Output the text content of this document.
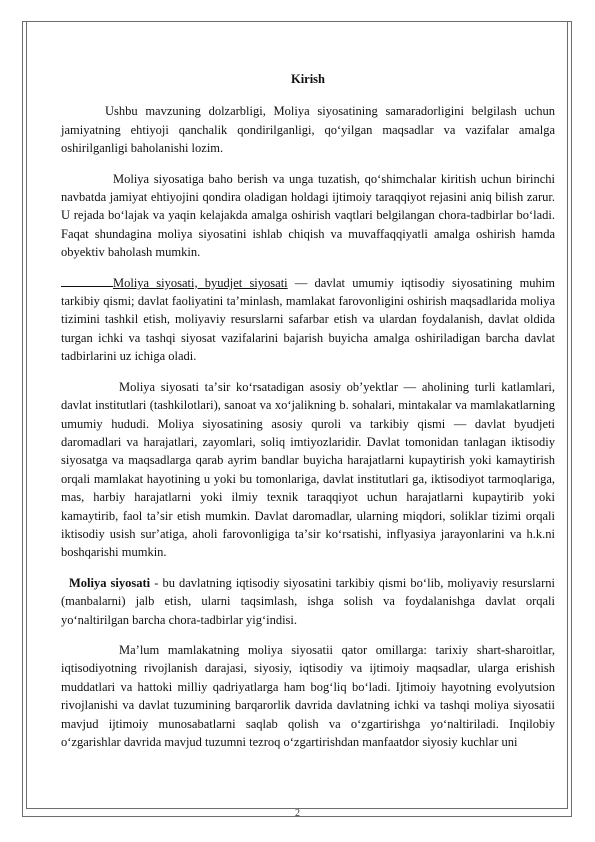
Kirish

Ushbu mavzuning dolzarbligi, Moliya siyosatining samaradorligini belgilash uchun jamiyatning ehtiyoji qanchalik qondirilganligi, qo‘yilgan maqsadlar va vazifalar amalga oshirilganligi baholanishi lozim.

Moliya siyosatiga baho berish va unga tuzatish, qo‘shimchalar kiritish uchun birinchi navbatda jamiyat ehtiyojini qondira oladigan holdagi ijtimoiy taraqqiyot rejasini aniq bilish zarur. U rejada bo‘lajak va yaqin kelajakda amalga oshirish vaqtlari belgilangan chora-tadbirlar bo‘ladi. Faqat shundagina moliya siyosatini ishlab chiqish va muvaffaqqiyatli amalga oshirish hamda obyektiv baholash mumkin.

Moliya siyosati, byudjet siyosati — davlat umumiy iqtisodiy siyosatining muhim tarkibiy qismi; davlat faoliyatini taʼminlash, mamlakat farovonligini oshirish maqsadlarida moliya tizimini tashkil etish, moliyaviy resurslarni safarbar etish va ulardan foydalanish, davlat oldida turgan ichki va tashqi siyosat vazifalarini bajarish buyicha amalga oshiriladigan barcha davlat tadbirlarini uz ichiga oladi.

Moliya siyosati taʼsir koʻrsatadigan asosiy obʼyektlar — aholining turli katlamlari, davlat institutlari (tashkilotlari), sanoat va xoʻjalikning b. sohalari, mintakalar va mamlakatlarning umumiy hududi. Moliya siyosatining asosiy quroli va tarkibiy qismi — davlat byudjeti daromadlari va harajatlari, zayomlari, soliq imtiyozlaridir. Davlat tomonidan tanlagan iktisodiy siyosatga va maqsadlarga qarab ayrim bandlar buyicha harajatlarni kupaytirish yoki kamaytirish orqali mamlakat hayotining u yoki bu tomonlariga, davlat institutlari ga, iktisodiyot tarmoqlariga, mas, harbiy harajatlarni yoki ilmiy texnik taraqqiyot uchun harajatlarni kupaytirib yoki kamaytirib, faol taʼsir etish mumkin. Davlat daromadlar, ularning miqdori, soliklar tizimi orqali iktisodiy usish surʼatiga, aholi farovonligiga taʼsir koʻrsatishi, inflyasiya jarayonlarini va h.k.ni boshqarishi mumkin.

Moliya siyosati - bu davlatning iqtisodiy siyosatini tarkibiy qismi bo‘lib, moliyaviy resurslarni (manbalarni) jalb etish, ularni taqsimlash, ishga solish va foydalanishga davlat orqali yo‘naltirilgan barcha chora-tadbirlar yig‘indisi.

Ma’lum mamlakatning moliya siyosatii qator omillarga: tarixiy shart-sharoitlar, iqtisodiyotning rivojlanish darajasi, siyosiy, iqtisodiy va ijtimoiy maqsadlar, ularga erishish muddatlari va hattoki milliy qadriyatlarga ham bog‘liq bo‘ladi. Ijtimoiy hayotning evolyutsion rivojlanishi va davlat tuzumining barqarorlik davrida davlatning ichki va tashqi moliya siyosatii mavjud ijtimoiy munosabatlarni saqlab qolish va o‘zgartirishga yo‘naltiriladi. Inqilobiy o‘zgarishlar davrida mavjud tuzumni tezroq o‘zgartirishdan manfaatdor siyosiy kuchlar uni

2
